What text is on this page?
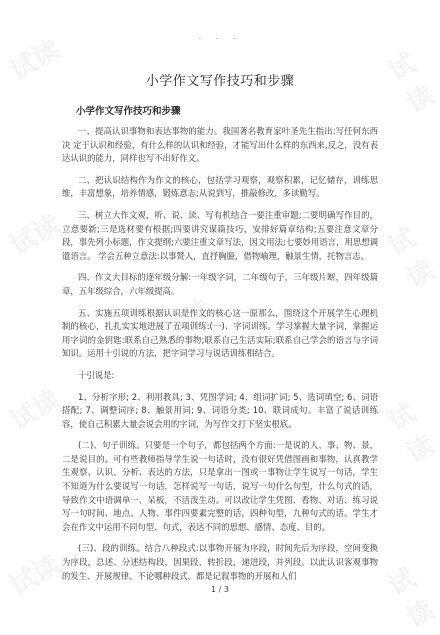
. . .
小学作文写作技巧和步骤
小学作文写作技巧和步骤

一、提高认识事物和表达事物的能力。我国著名教育家叶圣先生指出:写任何东西决 定于认识和经验，有什么样的认识和经验，才能写出什么样的东西来,反之，没有表达认识的能力，同样也写不出好作文。

二、把认识结构作为作文的核心，包括学习观察，观察积累，记忆储存，训练思维，丰富想象，培养情感，锻炼意志;从说到写，推敲修改，多读勤写。

三、树立大作文观，听、说、读、写有机结合一要注重审题;二要明确写作目的，立意要新;三是选材要有根据;四要讲究谋篇技巧，安排好篇章结构;五要注意文章分段，事先列小标题，作文提纲;六要注重文章写法，因文用法;七要妙用语言，用思想调遣语言。 学会五种立意法:以事赞人，直抒胸臆，借物喻理，触景生情，托物言志。

四、作文大目标的逐年级分解:一年级字词，二年级句子，三年级片断，四年级篇章，五年级综合，六年级提高。

五、实施五项训练根据认识是作文的核心这一原那么，围绕这个开展学生心理机制的核心，扎扎实实地进展了五项训练:(一)、字词训练。学习掌握大量字词，掌握运用字词的金钥匙:联系自己熟悉的事物;联系自己生活实际;联系自己学会的语言与字词知识。运用十引说的方法，把字词学习与说话训练相结合。

十引说是:

1、分析字形; 2、利用教具; 3、凭图学词; 4、组词扩词; 5、选词填空; 6、词语搭配; 7、调整词序; 8、触景用词; 9、词语分类; 10、联词成句。丰富了说话训练容，使自己积累大量会说会用的字词，为写作文打下坚实根底。

(二)、句子训练。只要是一个句子，都包括两个方面:一是说的人、事、物、景，二是说目的。可有些教师指导学生说一句话时，没有很好凭借图画和事物，认真教学生观察、认识、分析、表达的方法，只是拿出一图或一事物让学生说写一句话，学生不知道为什么要说写一句话，怎样说写一句话，说写一句什么句型，什么句式的话，导致作文中语调单一、呆板，不活泼生动。可以改让学生凭图、看物、对话、练习说写一句时间、地点、人物、事件四要素完整的话，四种句型，九种句式的话。学生才会在作文中运用不同句型、句式，表达不同的思想、感情、态度、目的。

(三)、段的训练。结合八种段式:以事物开展为序段，时间先后为序段，空间变换为序段，总述、分述结构段，因果段，转折段，递进段，并列段。以此认识客观事物的发生、开展规律。不论哪种段式，都是记叙事物的开展和人们

1 / 3
